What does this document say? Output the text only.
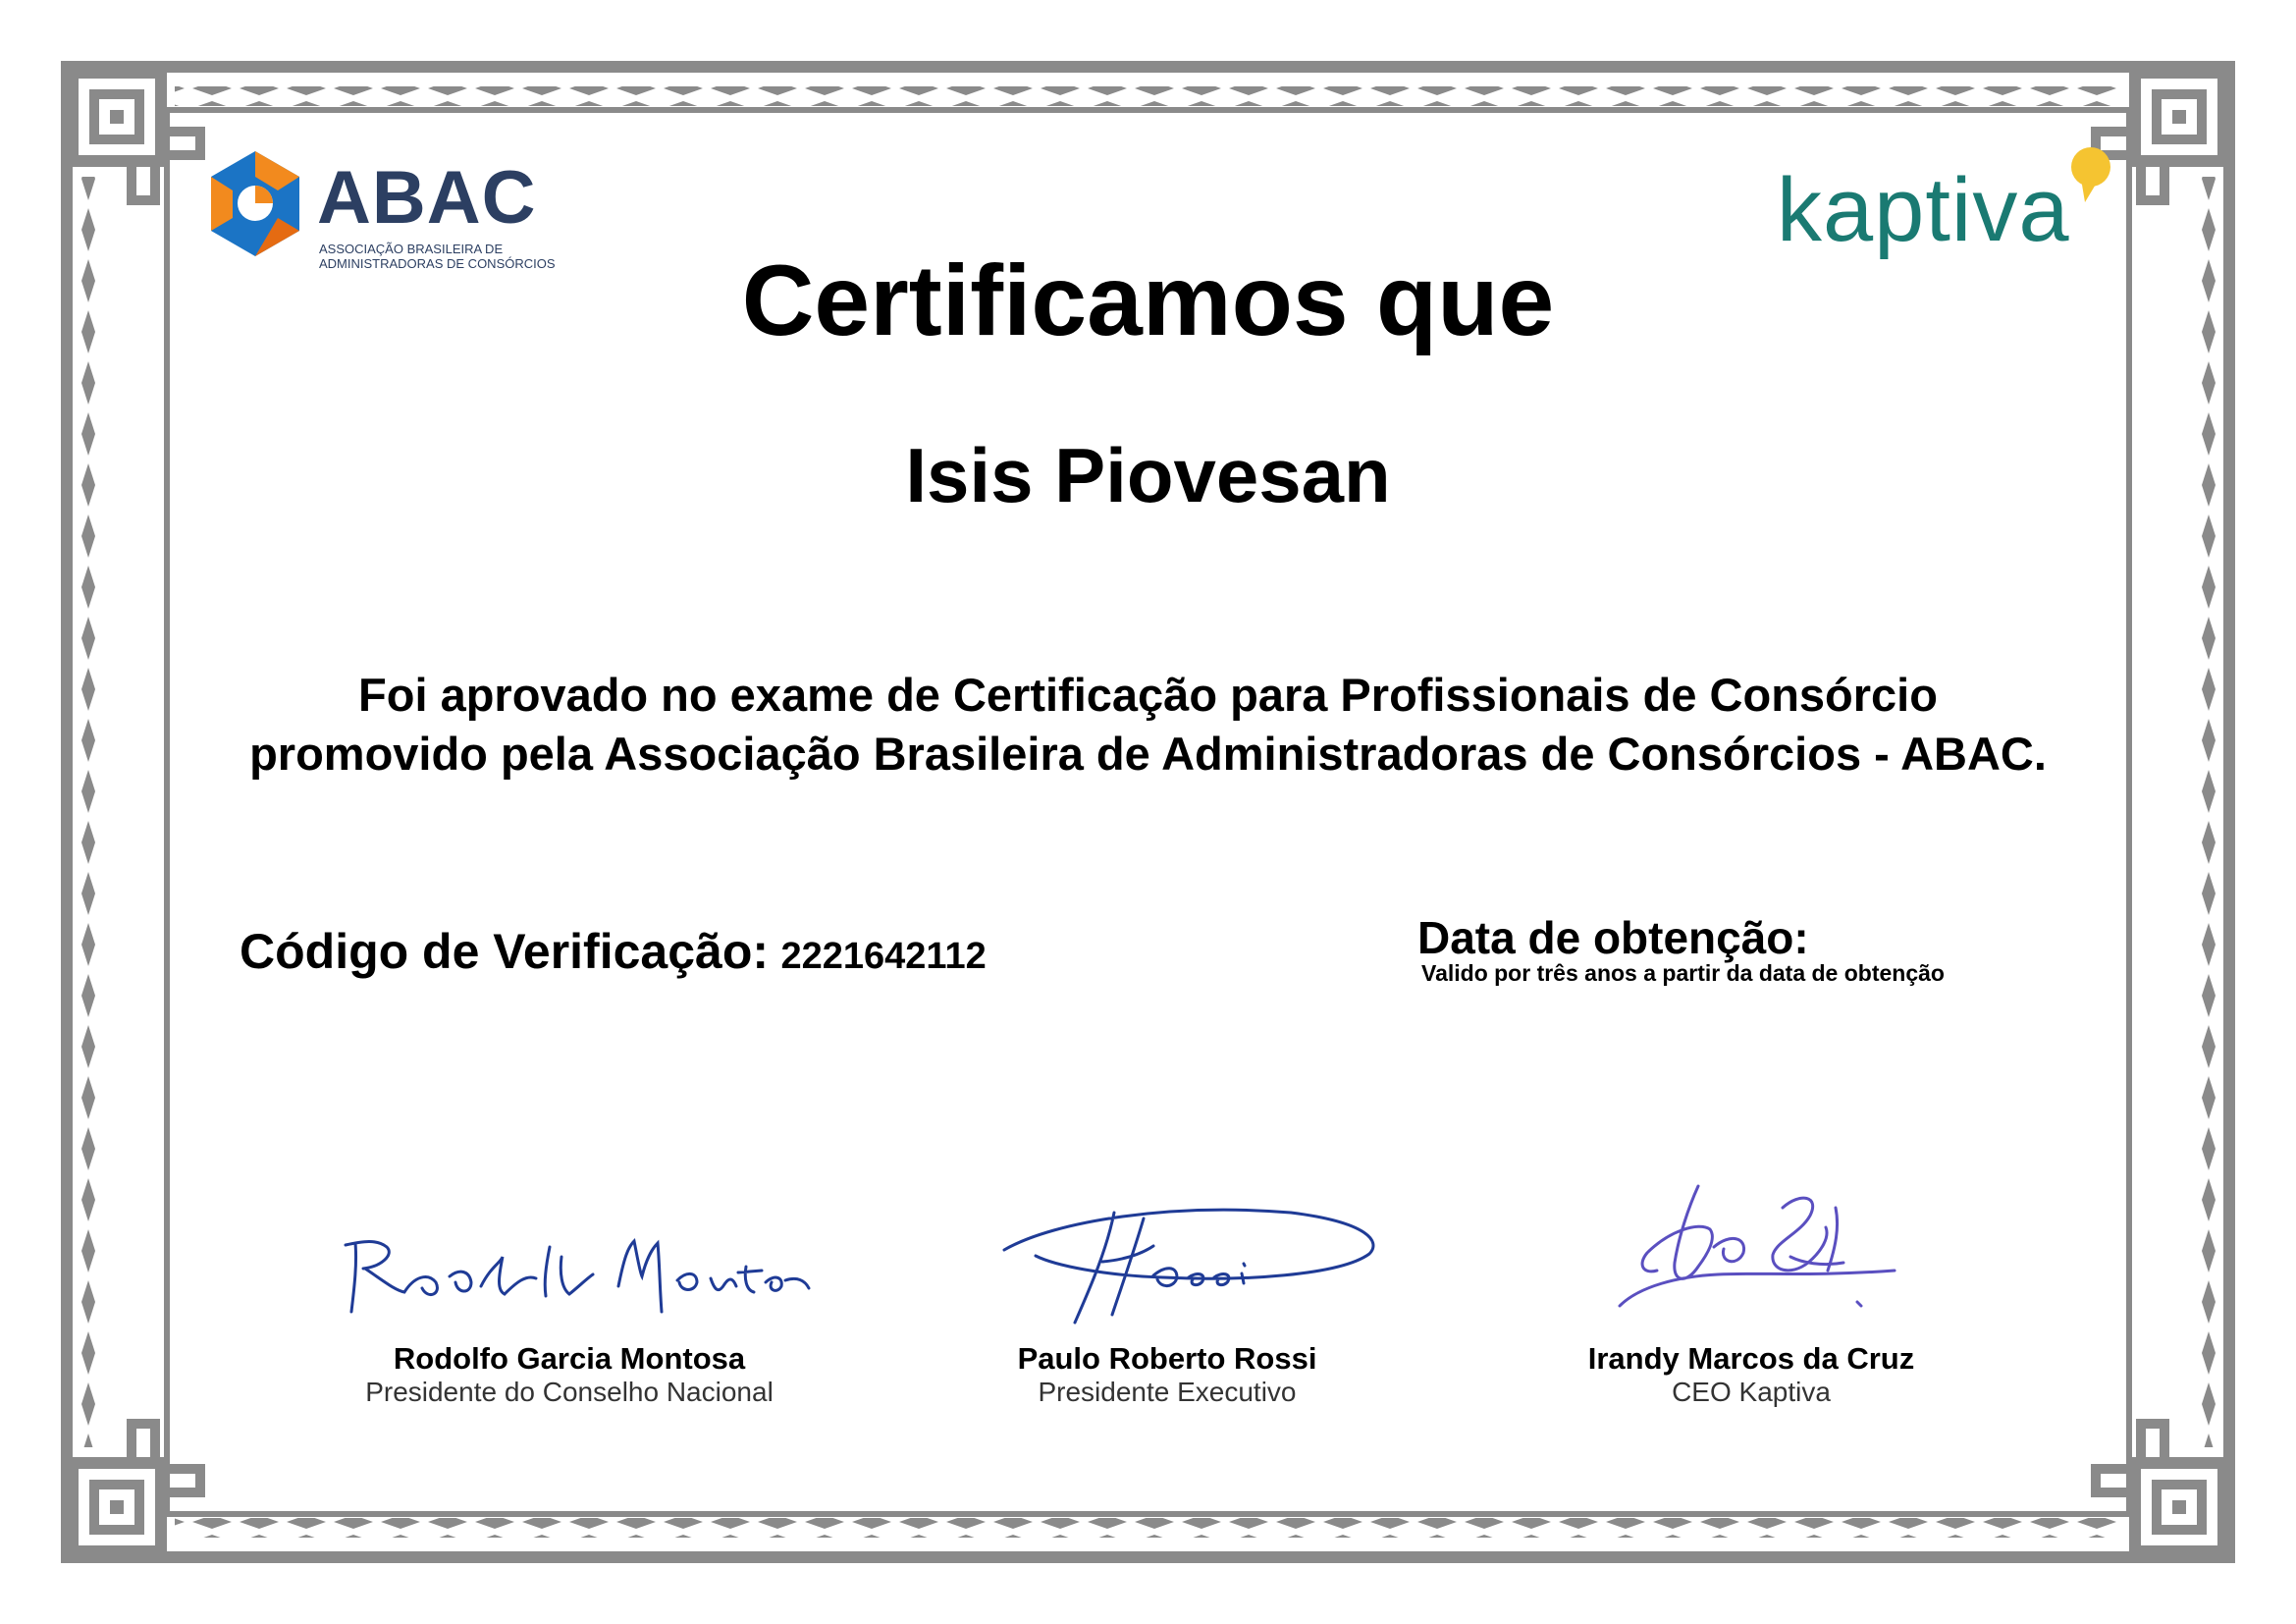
ABAC
ASSOCIAÇÃO BRASILEIRA DE
ADMINISTRADORAS DE CONSÓRCIOS
kaptiva
Certificamos que
Isis Piovesan
Foi aprovado no exame de Certificação para Profissionais de Consórcio
promovido pela Associação Brasileira de Administradoras de Consórcios - ABAC.
Código de Verificação: 2221642112	Data de obtenção:
Valido por três anos a partir da data de obtenção
Rodolfo Garcia Montosa
Presidente do Conselho Nacional
Paulo Roberto Rossi
Presidente Executivo
Irandy Marcos da Cruz
CEO Kaptiva
